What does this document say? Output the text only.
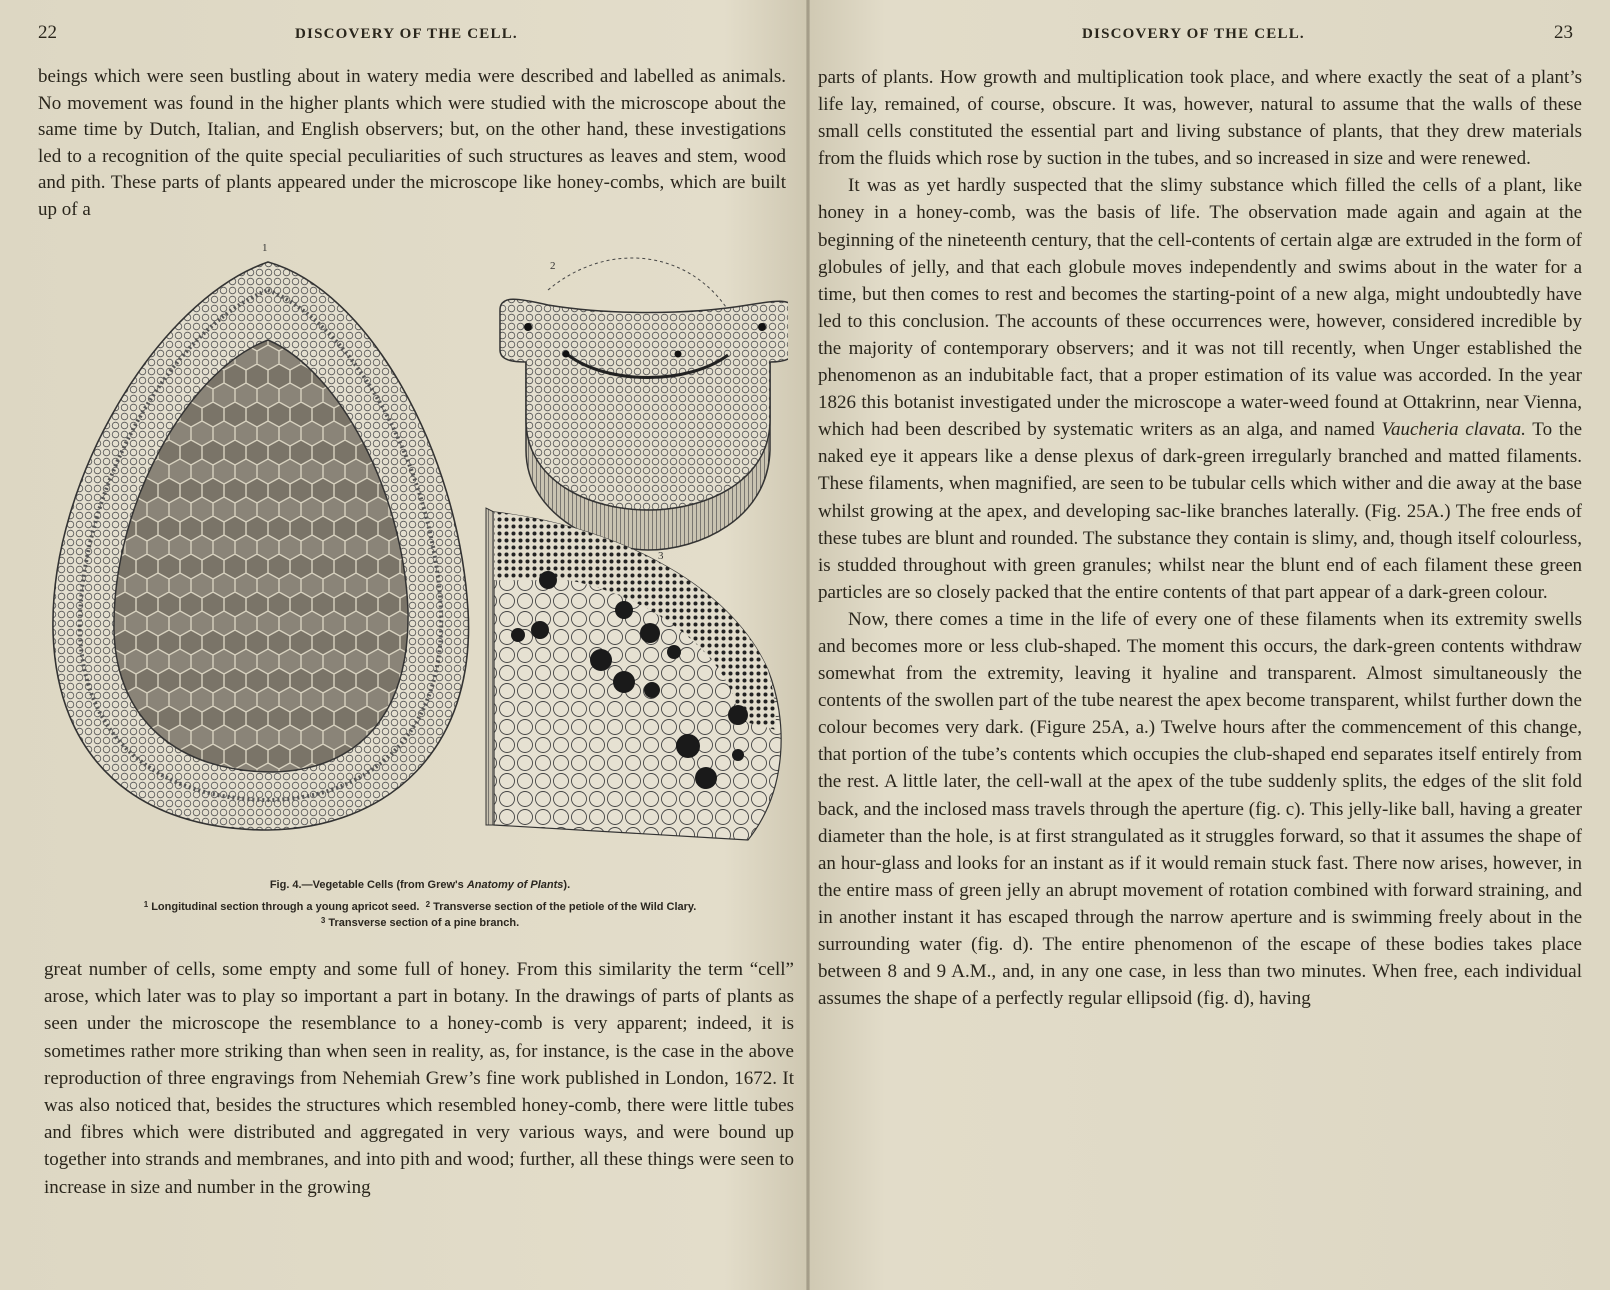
22	DISCOVERY OF THE CELL.

beings which were seen bustling about in watery media were described and labelled as animals. No movement was found in the higher plants which were studied with the microscope about the same time by Dutch, Italian, and English observers; but, on the other hand, these investigations led to a recognition of the quite special peculiarities of such structures as leaves and stem, wood and pith. These parts of plants appeared under the microscope like honey-combs, which are built up of a

1
2
3
Fig. 4.—Vegetable Cells (from Grew's Anatomy of Plants).
$^1$ Longitudinal section through a young apricot seed. $^2$ Transverse section of the petiole of the Wild Clary.
$^3$ Transverse section of a pine branch.

great number of cells, some empty and some full of honey. From this similarity the term “cell” arose, which later was to play so important a part in botany. In the drawings of parts of plants as seen under the microscope the resemblance to a honey-comb is very apparent; indeed, it is sometimes rather more striking than when seen in reality, as, for instance, is the case in the above reproduction of three engravings from Nehemiah Grew’s fine work published in London, 1672. It was also noticed that, besides the structures which resembled honey-comb, there were little tubes and fibres which were distributed and aggregated in very various ways, and were bound up together into strands and membranes, and into pith and wood; further, all these things were seen to increase in size and number in the growing

DISCOVERY OF THE CELL.	23

parts of plants. How growth and multiplication took place, and where exactly the seat of a plant’s life lay, remained, of course, obscure. It was, however, natural to assume that the walls of these small cells constituted the essential part and living substance of plants, that they drew materials from the fluids which rose by suction in the tubes, and so increased in size and were renewed.

It was as yet hardly suspected that the slimy substance which filled the cells of a plant, like honey in a honey-comb, was the basis of life. The observation made again and again at the beginning of the nineteenth century, that the cell-contents of certain algæ are extruded in the form of globules of jelly, and that each globule moves independently and swims about in the water for a time, but then comes to rest and becomes the starting-point of a new alga, might undoubtedly have led to this conclusion. The accounts of these occurrences were, however, considered incredible by the majority of contemporary observers; and it was not till recently, when Unger established the phenomenon as an indubitable fact, that a proper estimation of its value was accorded. In the year 1826 this botanist investigated under the microscope a water-weed found at Ottakrinn, near Vienna, which had been described by systematic writers as an alga, and named Vaucheria clavata. To the naked eye it appears like a dense plexus of dark-green irregularly branched and matted filaments. These filaments, when magnified, are seen to be tubular cells which wither and die away at the base whilst growing at the apex, and developing sac-like branches laterally. (Fig. 25A.) The free ends of these tubes are blunt and rounded. The substance they contain is slimy, and, though itself colourless, is studded throughout with green granules; whilst near the blunt end of each filament these green particles are so closely packed that the entire contents of that part appear of a dark-green colour.

Now, there comes a time in the life of every one of these filaments when its extremity swells and becomes more or less club-shaped. The moment this occurs, the dark-green contents withdraw somewhat from the extremity, leaving it hyaline and transparent. Almost simultaneously the contents of the swollen part of the tube nearest the apex become transparent, whilst further down the colour becomes very dark. (Figure 25A, a.) Twelve hours after the commencement of this change, that portion of the tube’s contents which occupies the club-shaped end separates itself entirely from the rest. A little later, the cell-wall at the apex of the tube suddenly splits, the edges of the slit fold back, and the inclosed mass travels through the aperture (fig. c). This jelly-like ball, having a greater diameter than the hole, is at first strangulated as it struggles forward, so that it assumes the shape of an hour-glass and looks for an instant as if it would remain stuck fast. There now arises, however, in the entire mass of green jelly an abrupt movement of rotation combined with forward straining, and in another instant it has escaped through the narrow aperture and is swimming freely about in the surrounding water (fig. d). The entire phenomenon of the escape of these bodies takes place between 8 and 9 A.M., and, in any one case, in less than two minutes. When free, each individual assumes the shape of a perfectly regular ellipsoid (fig. d), having
